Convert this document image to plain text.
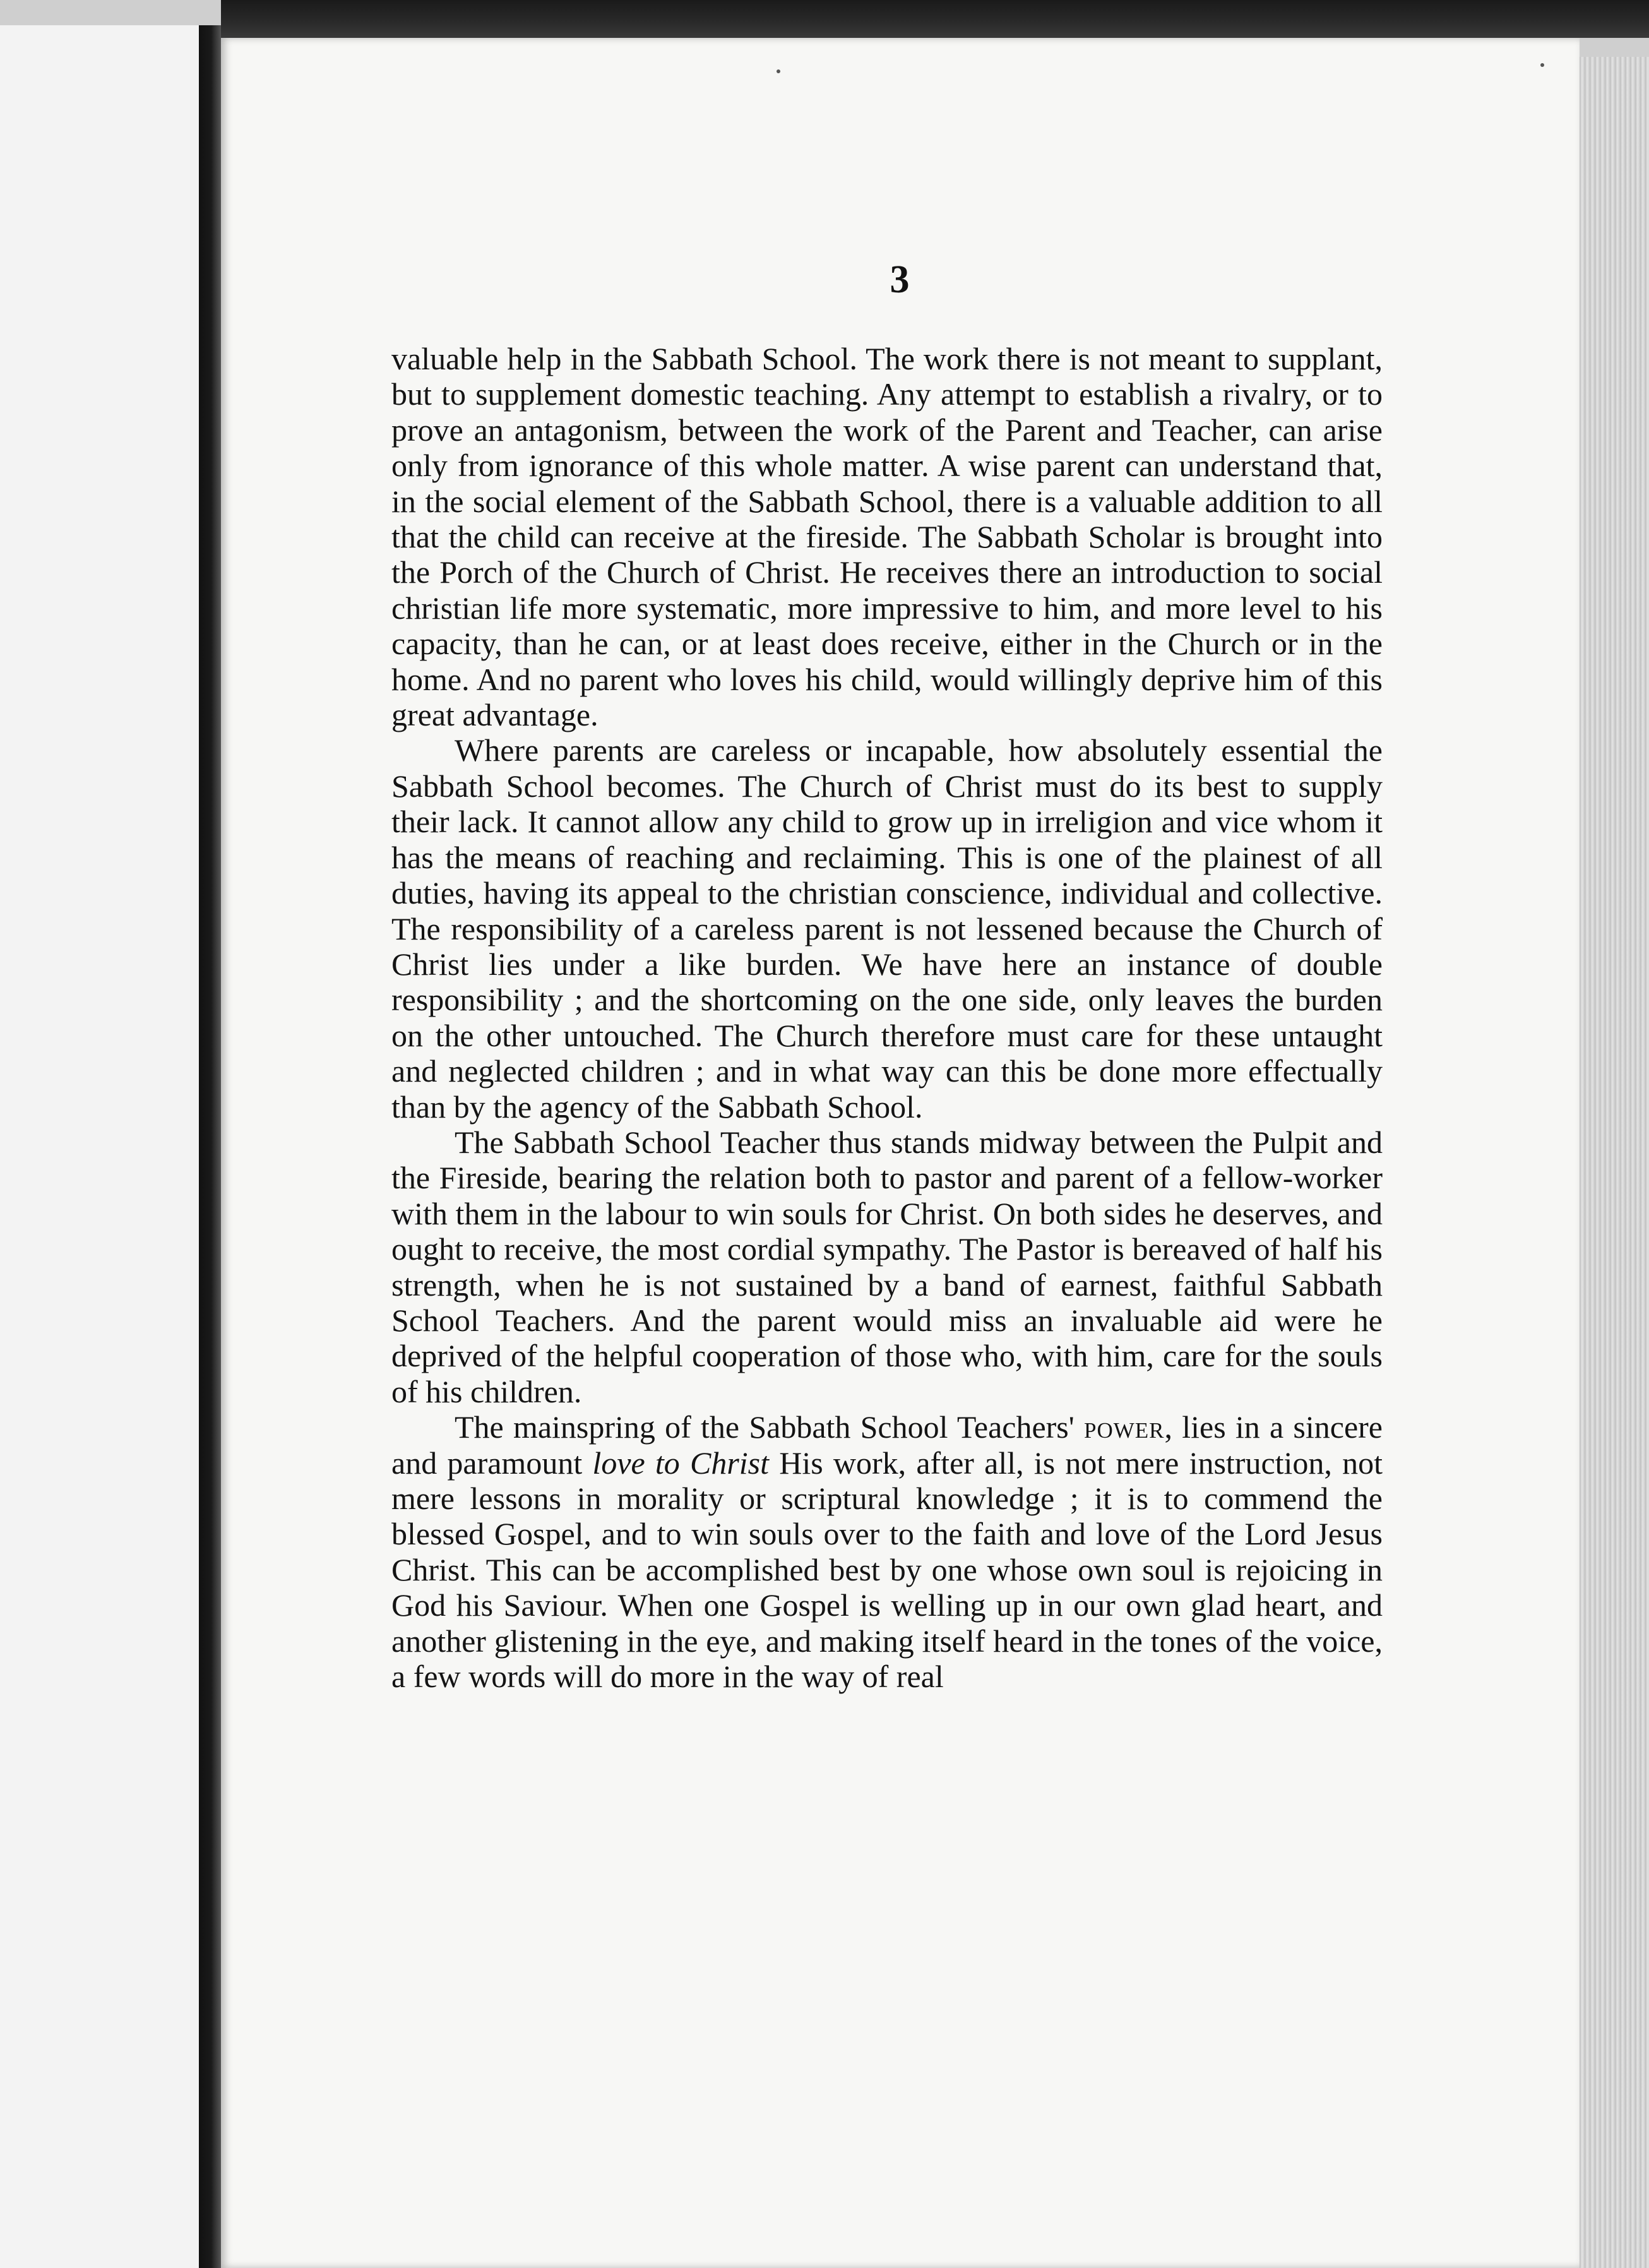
3

valuable help in the Sabbath School. The work there is not meant to supplant, but to supplement domestic teaching. Any attempt to establish a rivalry, or to prove an antagonism, between the work of the Parent and Teacher, can arise only from ignorance of this whole matter. A wise parent can understand that, in the social element of the Sabbath School, there is a valuable addition to all that the child can receive at the fireside. The Sabbath Scholar is brought into the Porch of the Church of Christ. He receives there an introduction to social christian life more systematic, more impressive to him, and more level to his capacity, than he can, or at least does receive, either in the Church or in the home. And no parent who loves his child, would willingly deprive him of this great advantage.

Where parents are careless or incapable, how absolutely essential the Sabbath School becomes. The Church of Christ must do its best to supply their lack. It cannot allow any child to grow up in irreligion and vice whom it has the means of reaching and reclaiming. This is one of the plainest of all duties, having its appeal to the christian conscience, individual and collective. The responsibility of a careless parent is not lessened because the Church of Christ lies under a like burden. We have here an instance of double responsibility ; and the shortcoming on the one side, only leaves the burden on the other untouched. The Church therefore must care for these untaught and neglected children ; and in what way can this be done more effectually than by the agency of the Sabbath School.

The Sabbath School Teacher thus stands midway between the Pulpit and the Fireside, bearing the relation both to pastor and parent of a fellow-worker with them in the labour to win souls for Christ. On both sides he deserves, and ought to receive, the most cordial sympathy. The Pastor is bereaved of half his strength, when he is not sustained by a band of earnest, faithful Sabbath School Teachers. And the parent would miss an invaluable aid were he deprived of the helpful cooperation of those who, with him, care for the souls of his children.

The mainspring of the Sabbath School Teachers' power, lies in a sincere and paramount love to Christ His work, after all, is not mere instruction, not mere lessons in morality or scriptural knowledge ; it is to commend the blessed Gospel, and to win souls over to the faith and love of the Lord Jesus Christ. This can be accomplished best by one whose own soul is rejoicing in God his Saviour. When one Gospel is welling up in our own glad heart, and another glistening in the eye, and making itself heard in the tones of the voice, a few words will do more in the way of real
